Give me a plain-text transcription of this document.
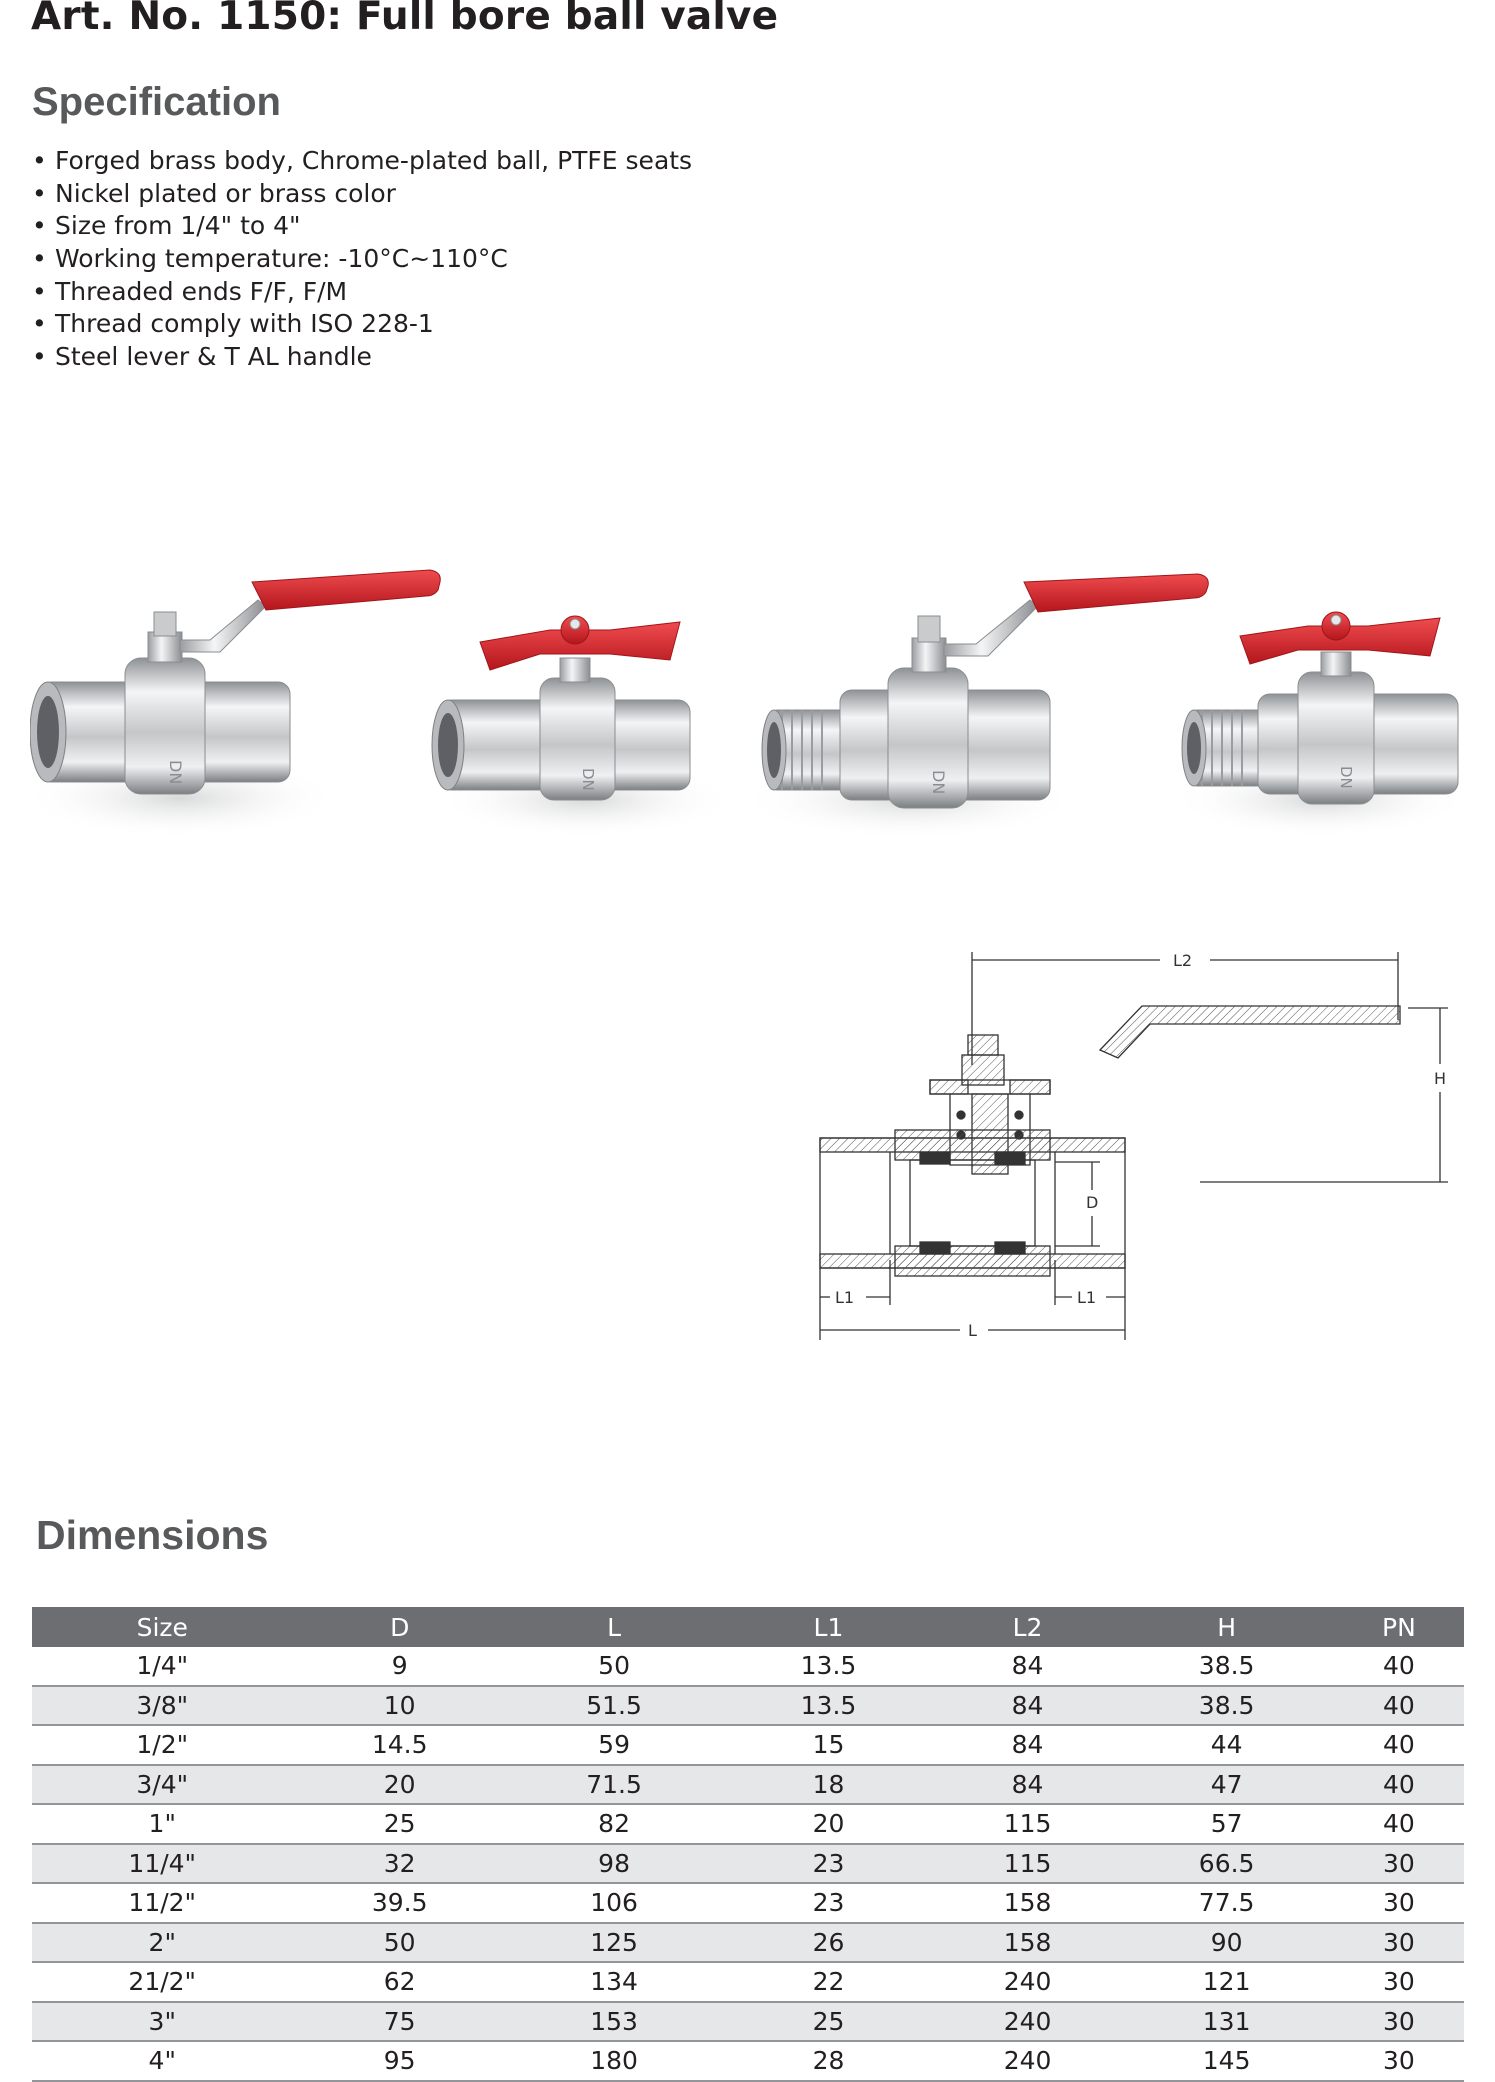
Art. No. 1150: Full bore ball valve
Specification
• Forged brass body, Chrome-plated ball, PTFE seats
• Nickel plated or brass color
• Size from 1/4" to 4"
• Working temperature: -10°C~110°C
• Threaded ends F/F, F/M
• Thread comply with ISO 228-1
• Steel lever & T AL handle
DN	DN	DN	DN
L2
H
D
L1	L1
L
Dimensions
Size	D	L	L1	L2	H	PN
1/4"	9	50	13.5	84	38.5	40
3/8"	10	51.5	13.5	84	38.5	40
1/2"	14.5	59	15	84	44	40
3/4"	20	71.5	18	84	47	40
1"	25	82	20	115	57	40
11/4"	32	98	23	115	66.5	30
11/2"	39.5	106	23	158	77.5	30
2"	50	125	26	158	90	30
21/2"	62	134	22	240	121	30
3"	75	153	25	240	131	30
4"	95	180	28	240	145	30
